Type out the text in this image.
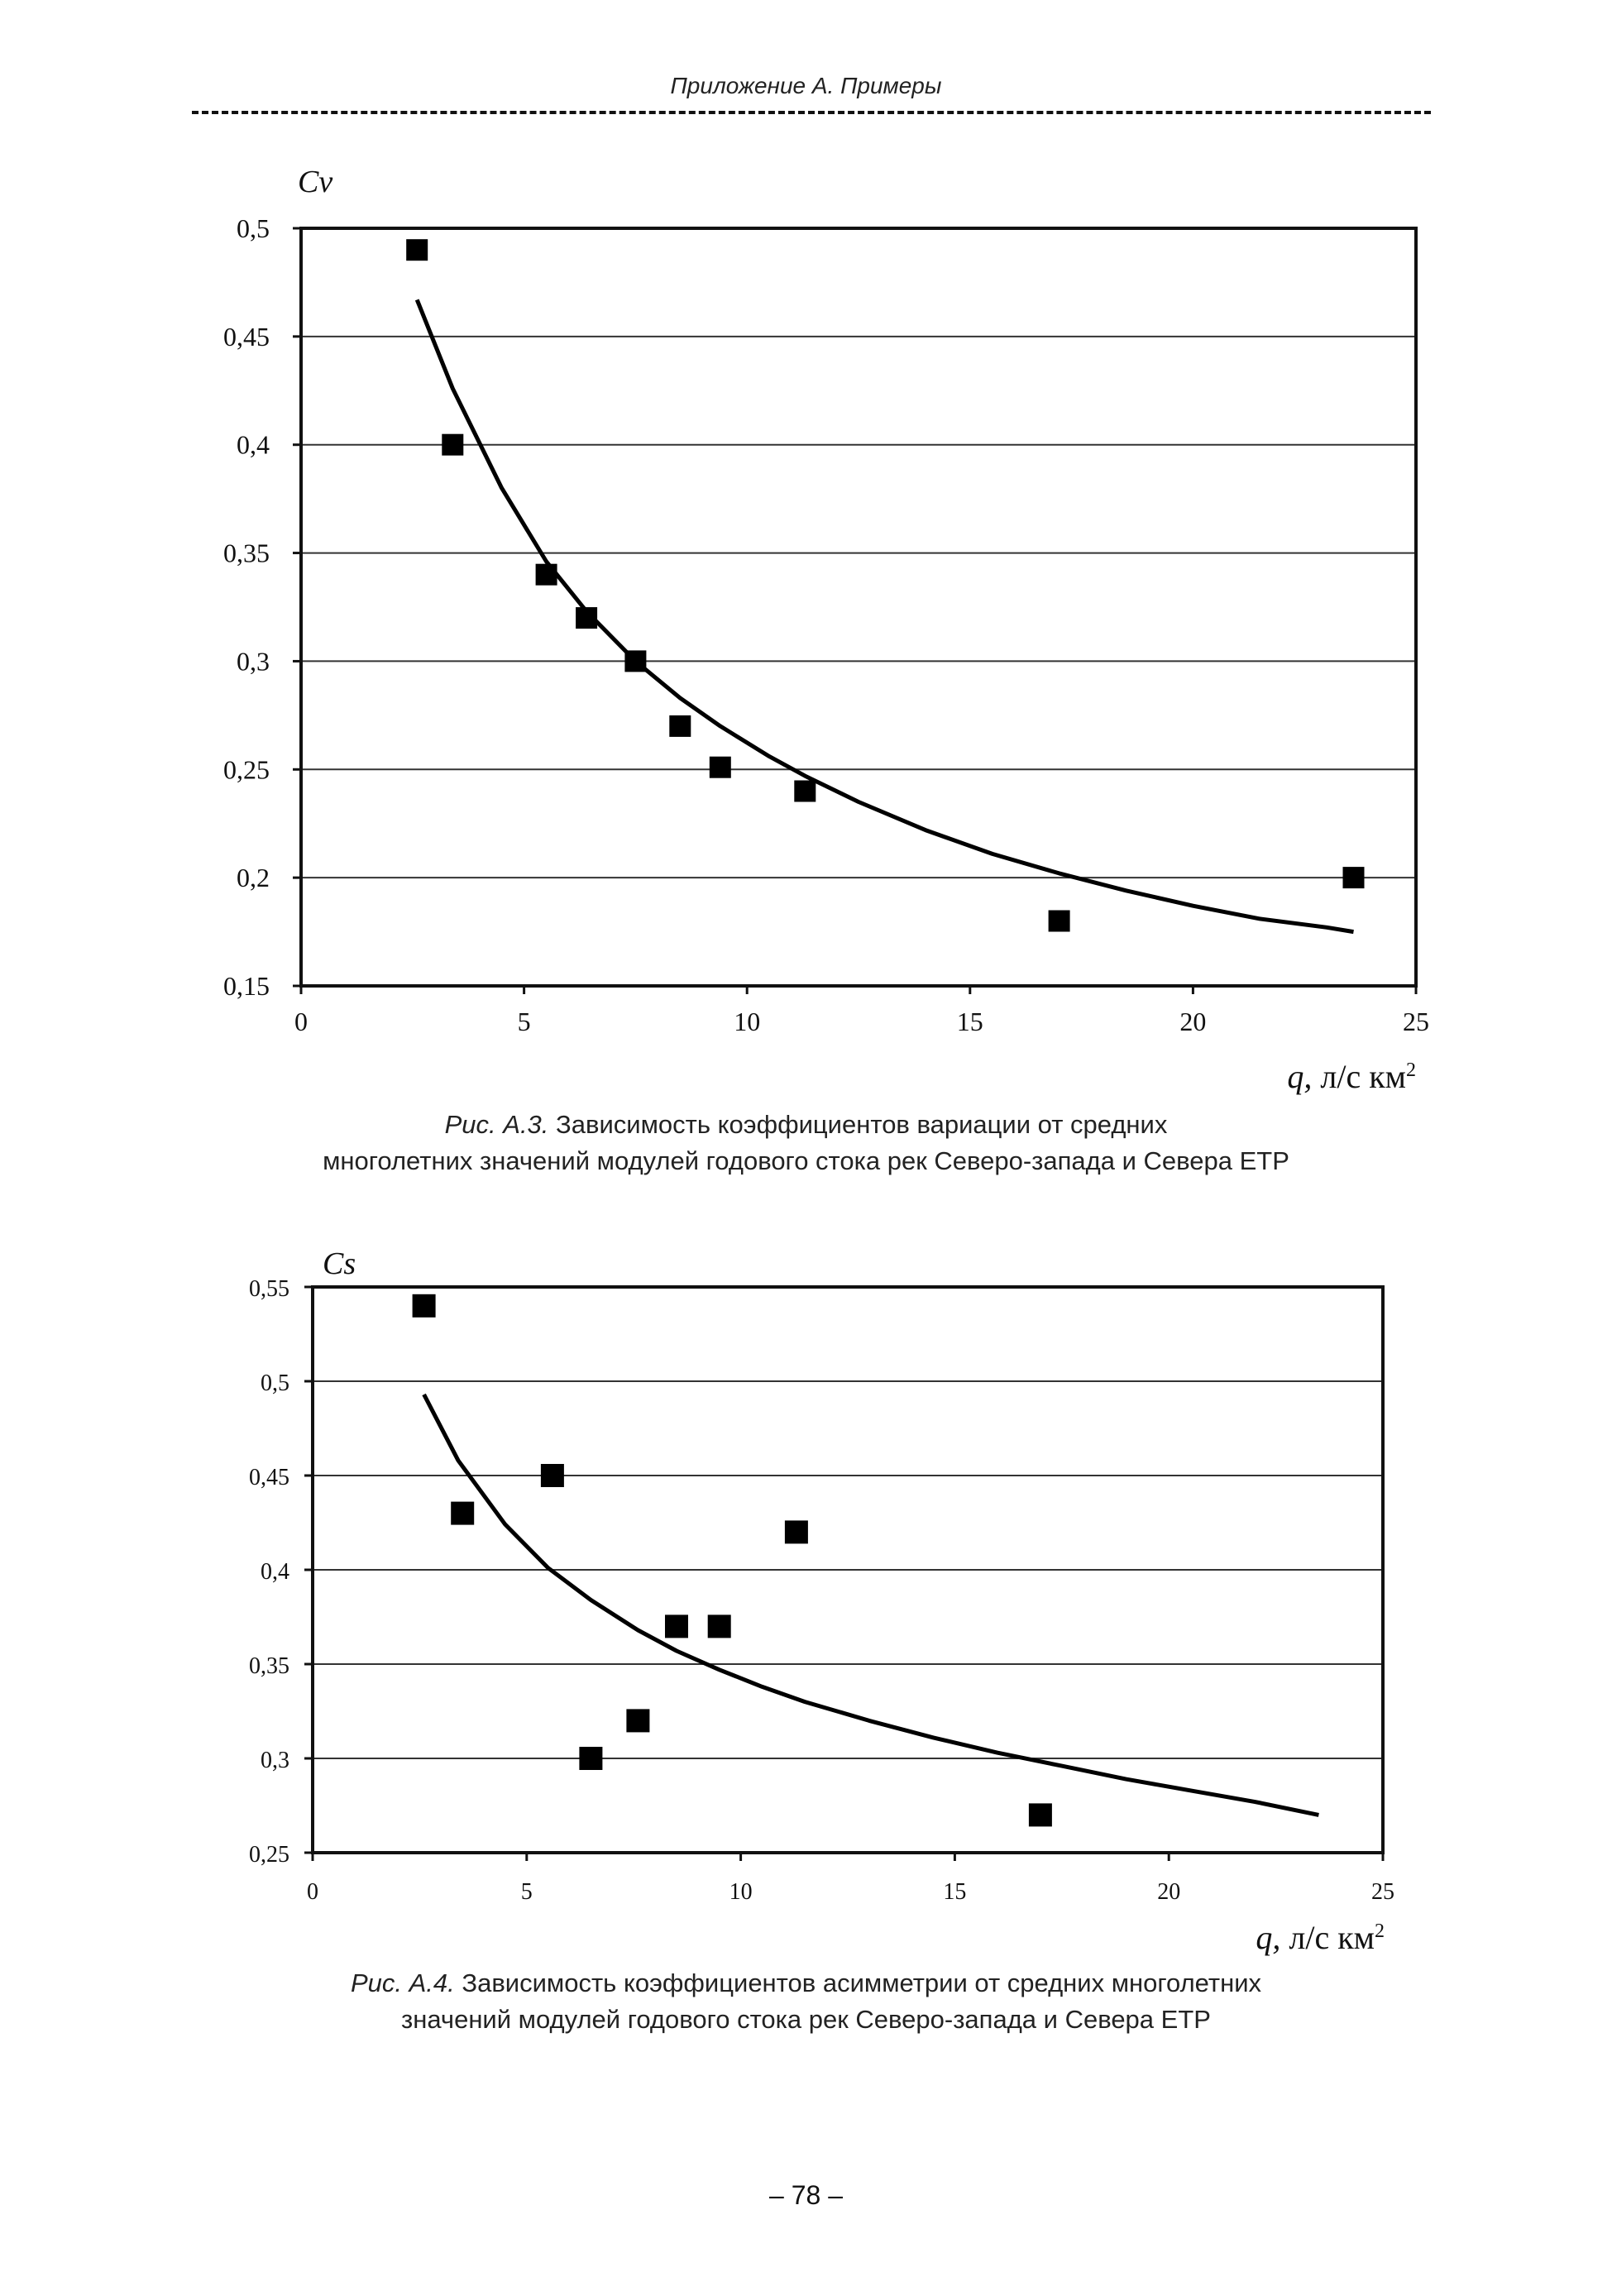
Приложение А. Примеры
0,15
0,2
0,25
0,3
0,35
0,4
0,45
0,5
0	5	10	15	20	25
Cv
q, л/с $км^2$
Рис. А.3. Зависимость коэффициентов вариации от средних
многолетних значений модулей годового стока рек Северо-запада и Севера ЕТР
0,25
0,3
0,35
0,4
0,45
0,5
0,55
0	5	10	15	20	25
Cs
q, л/с $км^2$
Рис. А.4. Зависимость коэффициентов асимметрии от средних многолетних
значений модулей годового стока рек Северо-запада и Севера ЕТР
– 78 –
